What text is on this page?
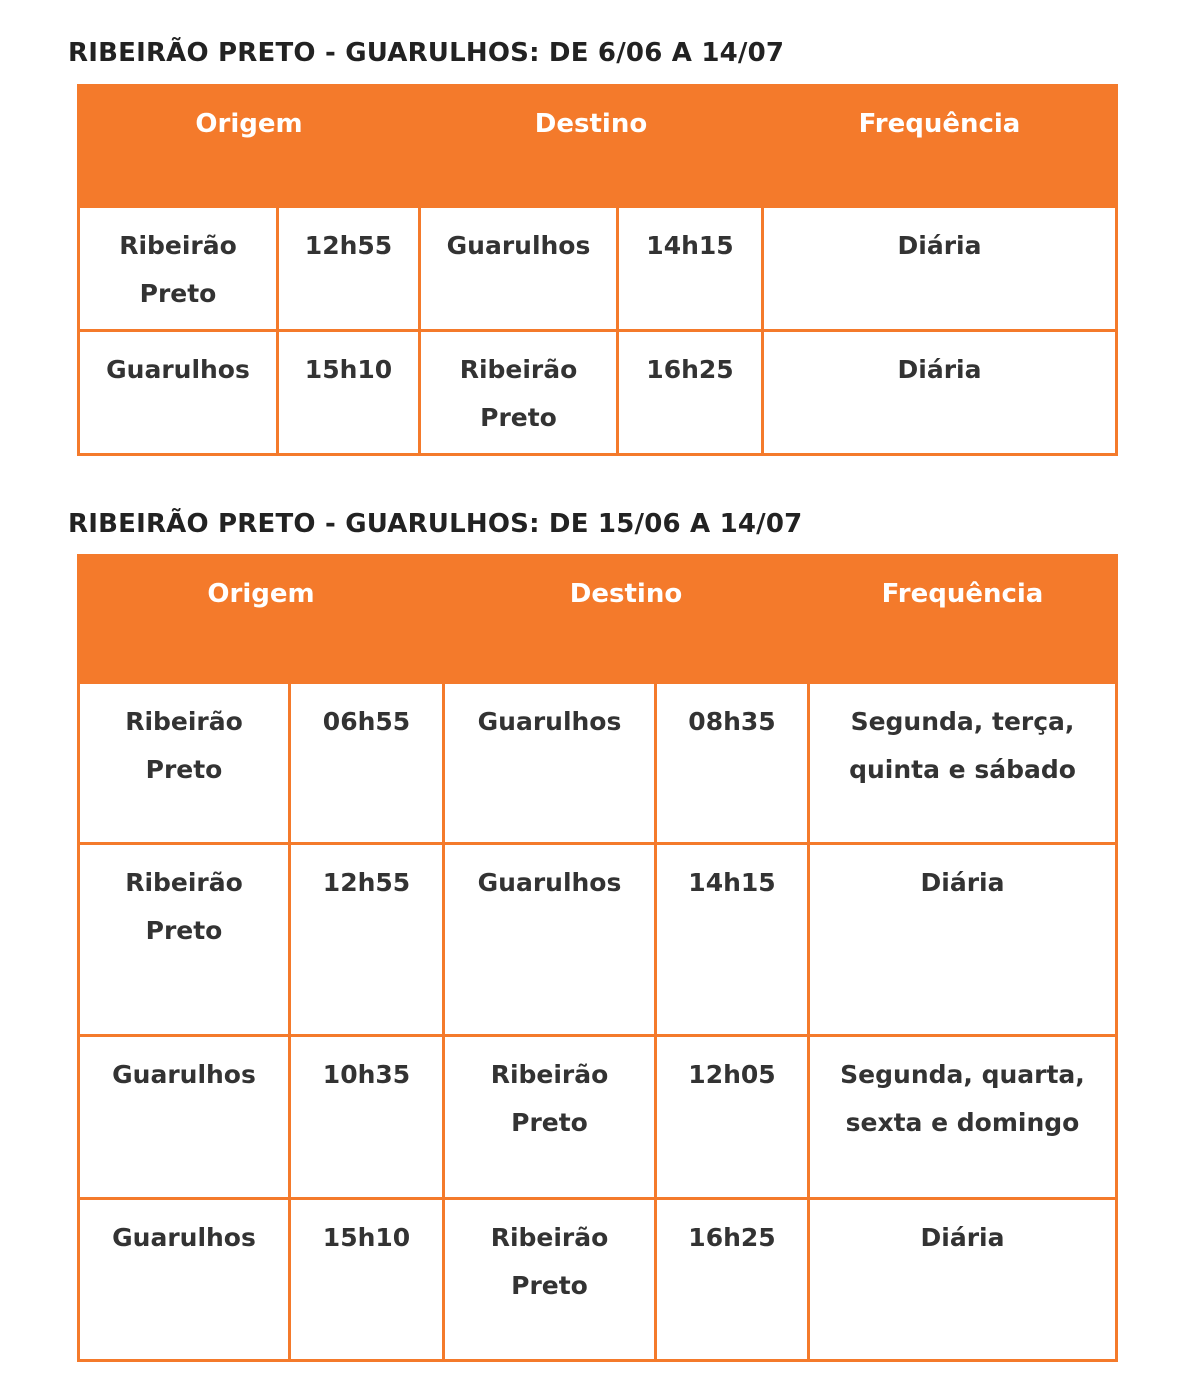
RIBEIRÃO PRETO - GUARULHOS: DE 6/06 A 14/07
Origem		Destino		Frequência
Ribeirão Preto	12h55	Guarulhos	14h15	Diária
Guarulhos	15h10	Ribeirão Preto	16h25	Diária
RIBEIRÃO PRETO - GUARULHOS: DE 15/06 A 14/07
Origem		Destino		Frequência
Ribeirão Preto	06h55	Guarulhos	08h35	Segunda, terça, quinta e sábado
Ribeirão Preto	12h55	Guarulhos	14h15	Diária
Guarulhos	10h35	Ribeirão Preto	12h05	Segunda, quarta, sexta e domingo
Guarulhos	15h10	Ribeirão Preto	16h25	Diária
